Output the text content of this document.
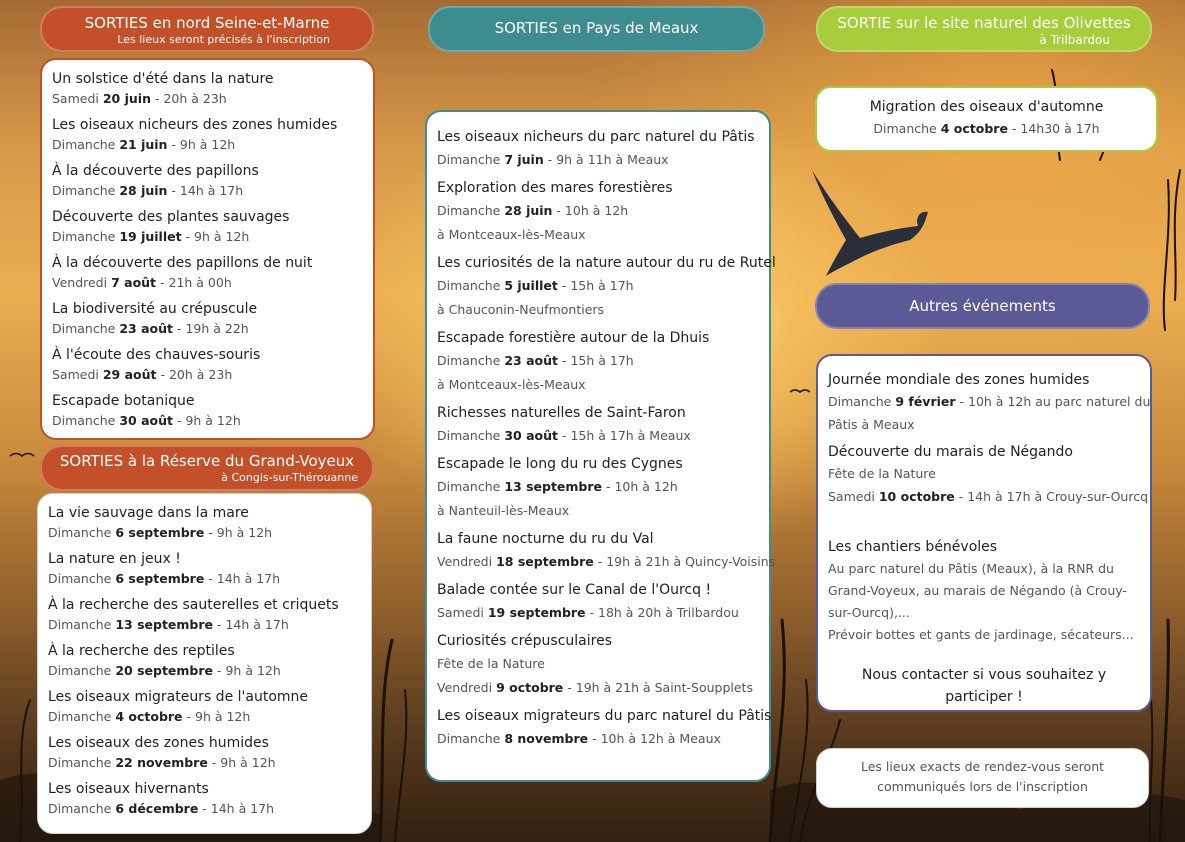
SORTIES en nord Seine-et-Marne
Les lieux seront précisés à l'inscription
Un solstice d'été dans la nature
Samedi 20 juin - 20h à 23h
Les oiseaux nicheurs des zones humides
Dimanche 21 juin - 9h à 12h
À la découverte des papillons
Dimanche 28 juin - 14h à 17h
Découverte des plantes sauvages
Dimanche 19 juillet - 9h à 12h
À la découverte des papillons de nuit
Vendredi 7 août - 21h à 00h
La biodiversité au crépuscule
Dimanche 23 août - 19h à 22h
À l'écoute des chauves-souris
Samedi 29 août - 20h à 23h
Escapade botanique
Dimanche 30 août - 9h à 12h
SORTIES à la Réserve du Grand-Voyeux
à Congis-sur-Thérouanne
La vie sauvage dans la mare
Dimanche 6 septembre - 9h à 12h
La nature en jeux !
Dimanche 6 septembre - 14h à 17h
À la recherche des sauterelles et criquets
Dimanche 13 septembre - 14h à 17h
À la recherche des reptiles
Dimanche 20 septembre - 9h à 12h
Les oiseaux migrateurs de l'automne
Dimanche 4 octobre - 9h à 12h
Les oiseaux des zones humides
Dimanche 22 novembre - 9h à 12h
Les oiseaux hivernants
Dimanche 6 décembre - 14h à 17h
SORTIES en Pays de Meaux
Les oiseaux nicheurs du parc naturel du Pâtis
Dimanche 7 juin - 9h à 11h à Meaux
Exploration des mares forestières
Dimanche 28 juin - 10h à 12h
à Montceaux-lès-Meaux
Les curiosités de la nature autour du ru de Rutel
Dimanche 5 juillet - 15h à 17h
à Chauconin-Neufmontiers
Escapade forestière autour de la Dhuis
Dimanche 23 août - 15h à 17h
à Montceaux-lès-Meaux
Richesses naturelles de Saint-Faron
Dimanche 30 août - 15h à 17h à Meaux
Escapade le long du ru des Cygnes
Dimanche 13 septembre - 10h à 12h
à Nanteuil-lès-Meaux
La faune nocturne du ru du Val
Vendredi 18 septembre - 19h à 21h à Quincy-Voisins
Balade contée sur le Canal de l'Ourcq !
Samedi 19 septembre - 18h à 20h à Trilbardou
Curiosités crépusculaires
Fête de la Nature
Vendredi 9 octobre - 19h à 21h à Saint-Soupplets
Les oiseaux migrateurs du parc naturel du Pâtis
Dimanche 8 novembre - 10h à 12h à Meaux
SORTIE sur le site naturel des Olivettes
à Trilbardou
Migration des oiseaux d'automne
Dimanche 4 octobre - 14h30 à 17h
Autres événements
Journée mondiale des zones humides
Dimanche 9 février - 10h à 12h au parc naturel du
Pâtis à Meaux
Découverte du marais de Négando
Fête de la Nature
Samedi 10 octobre - 14h à 17h à Crouy-sur-Ourcq
Les chantiers bénévoles
Au parc naturel du Pâtis (Meaux), à la RNR du
Grand-Voyeux, au marais de Négando (à Crouy-
sur-Ourcq),...
Prévoir bottes et gants de jardinage, sécateurs...
Nous contacter si vous souhaitez y participer !
Les lieux exacts de rendez-vous seront
communiqués lors de l'inscription
